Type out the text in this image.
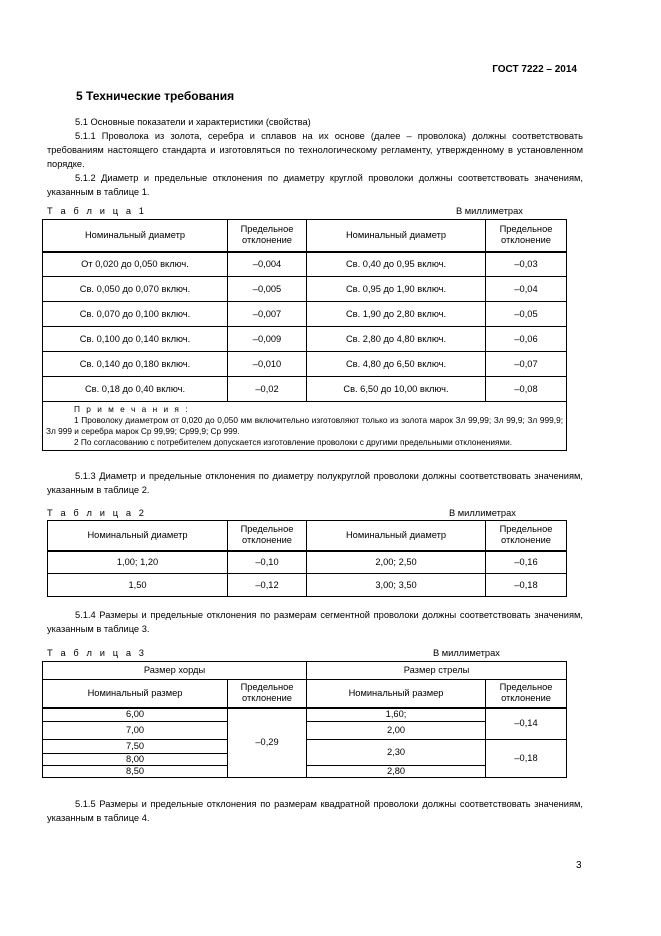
ГОСТ 7222 – 2014
5 Технические требования
5.1 Основные показатели и характеристики (свойства)
5.1.1 Проволока из золота, серебра и сплавов на их основе (далее – проволока) должны соответствовать требованиям настоящего стандарта и изготовляться по технологическому регламенту, утвержденному в установленном порядке.
5.1.2 Диаметр и предельные отклонения по диаметру круглой проволоки должны соответствовать значениям, указанным в таблице 1.
Т а б л и ц а 1	В миллиметрах
Номинальный диаметр	Предельное отклонение	Номинальный диаметр	Предельное отклонение
От 0,020 до 0,050 включ.	–0,004	Св. 0,40 до 0,95 включ.	–0,03
Св. 0,050 до 0,070 включ.	–0,005	Св. 0,95 до 1,90 включ.	–0,04
Св. 0,070 до 0,100 включ.	–0,007	Св. 1,90 до 2,80 включ.	–0,05
Св. 0,100 до 0,140 включ.	–0,009	Св. 2,80 до 4,80 включ.	–0,06
Св. 0,140 до 0,180 включ.	–0,010	Св. 4,80 до 6,50 включ.	–0,07
Св. 0,18 до 0,40 включ.	–0,02	Св. 6,50 до 10,00 включ.	–0,08

П р и м е ч а н и я :
1 Проволоку диаметром от 0,020 до 0,050 мм включительно изготовляют только из золота марок Зл 99,99; Зл 99,9; Зл 999,9; Зл 999 и серебра марок Ср 99,99; Ср99,9; Ср 999.
2 По согласованию с потребителем допускается изготовление проволоки с другими предельными отклонениями.			
5.1.3 Диаметр и предельные отклонения по диаметру полукруглой проволоки должны соответствовать значениям, указанным в таблице 2.
Т а б л и ц а 2	В миллиметрах
Номинальный диаметр	Предельное отклонение	Номинальный диаметр	Предельное отклонение
1,00; 1,20	–0,10	2,00; 2,50	–0,16
1,50	–0,12	3,00; 3,50	–0,18
5.1.4 Размеры и предельные отклонения по размерам сегментной проволоки должны соответствовать значениям, указанным в таблице 3.
Т а б л и ц а 3	В миллиметрах
Размер хорды		Размер стрелы	
Номинальный размер	Предельное отклонение	Номинальный размер	Предельное отклонение
6,00	–0,29	1,60;	–0,14
7,00		2,00	
7,50		2,30	–0,18
8,00			
8,50		2,80	
5.1.5 Размеры и предельные отклонения по размерам квадратной проволоки должны соответствовать значениям, указанным в таблице 4.
3
